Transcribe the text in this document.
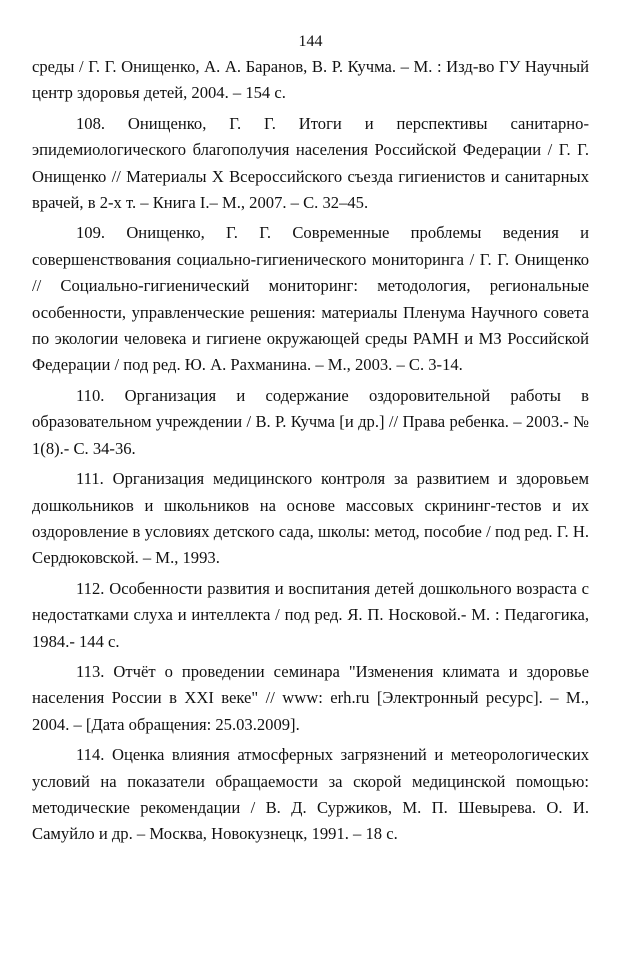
144

среды / Г. Г. Онищенко, А. А. Баранов, В. Р. Кучма. – М. : Изд-во ГУ Научный центр здоровья детей, 2004. – 154 с.

108. Онищенко, Г. Г. Итоги и перспективы санитарно-эпидемиологического благополучия населения Российской Федерации / Г. Г. Онищенко // Материалы X Всероссийского съезда гигиенистов и санитарных врачей, в 2-х т. – Книга I.– М., 2007. – С. 32–45.

109. Онищенко, Г. Г. Современные проблемы ведения и совершенствования социально-гигиенического мониторинга / Г. Г. Онищенко // Социально-гигиенический мониторинг: методология, региональные особенности, управленческие решения: материалы Пленума Научного совета по экологии человека и гигиене окружающей среды РАМН и МЗ Российской Федерации / под ред. Ю. А. Рахманина. – М., 2003. – С. 3-14.

110. Организация и содержание оздоровительной работы в образовательном учреждении / В. Р. Кучма [и др.] // Права ребенка. – 2003.- № 1(8).- С. 34-36.

111. Организация медицинского контроля за развитием и здоровьем дошкольников и школьников на основе массовых скрининг-тестов и их оздоровление в условиях детского сада, школы: метод, пособие / под ред. Г. Н. Сердюковской. – М., 1993.

112. Особенности развития и воспитания детей дошкольного возраста с недостатками слуха и интеллекта / под ред. Я. П. Носковой.- М. : Педагогика, 1984.- 144 с.

113. Отчёт о проведении семинара "Изменения климата и здоровье населения России в XXI веке" // www: erh.ru [Электронный ресурс]. – М., 2004. – [Дата обращения: 25.03.2009].

114. Оценка влияния атмосферных загрязнений и метеорологических условий на показатели обращаемости за скорой медицинской помощью: методические рекомендации / В. Д. Суржиков, М. П. Шевырева. О. И. Самуйло и др. – Москва, Новокузнецк, 1991. – 18 с.
